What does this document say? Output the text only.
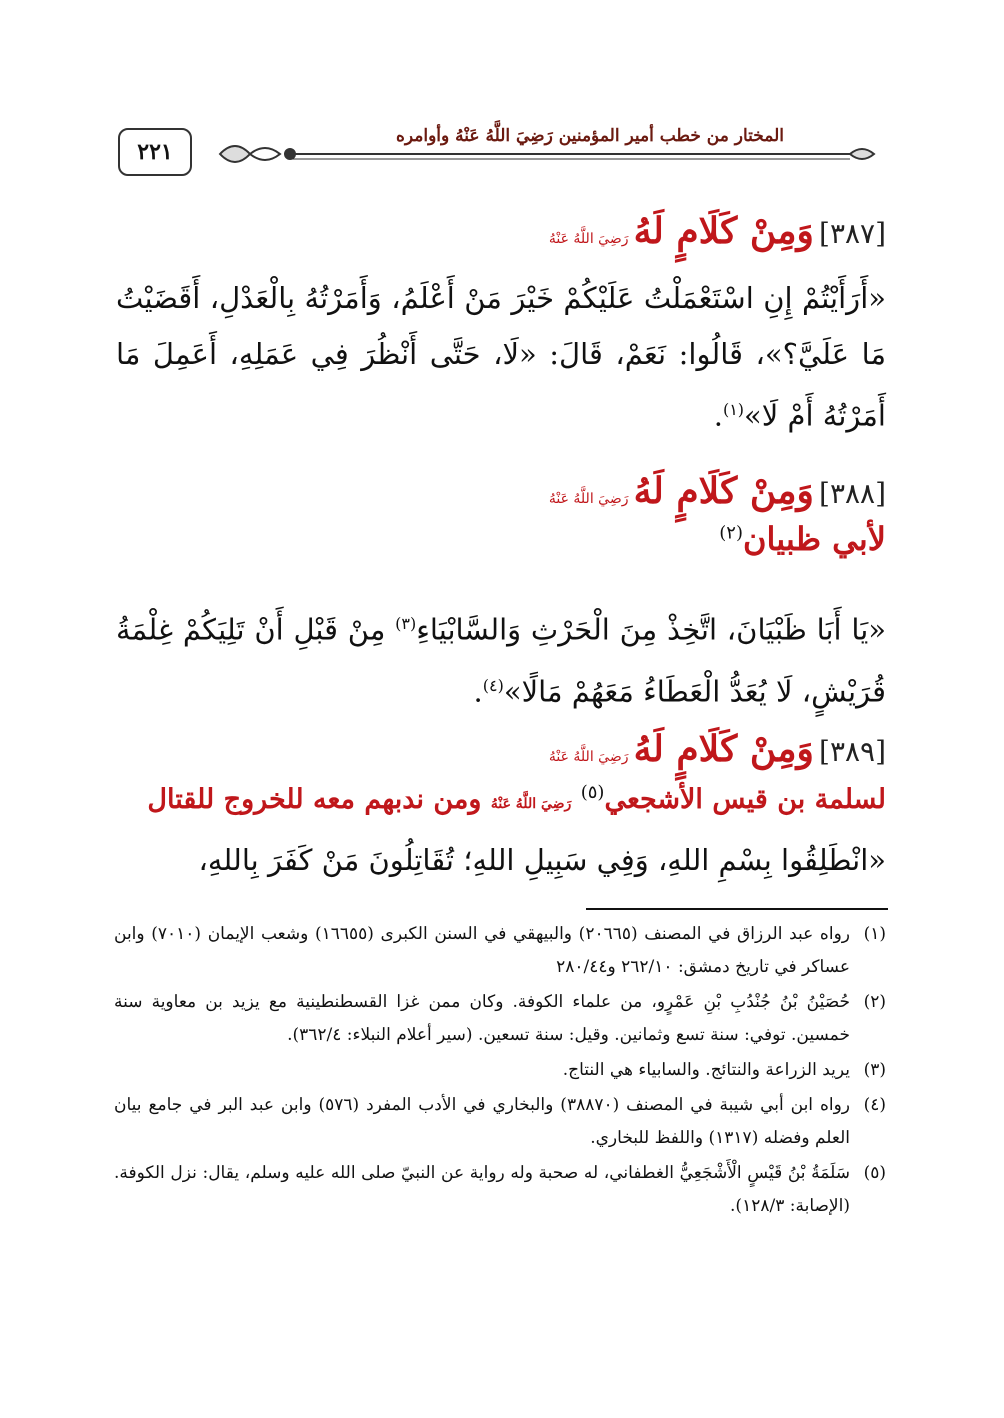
٢٢١
المختار من خطب أمير المؤمنين رَضِيَ اللَّهُ عَنْهُ وأوامره
[٣٨٧] وَمِنْ كَلَامٍ لَهُ رَضِيَ اللَّهُ عَنْهُ
«أَرَأَيْتُمْ إِنِ اسْتَعْمَلْتُ عَلَيْكُمْ خَيْرَ مَنْ أَعْلَمُ، وَأَمَرْتُهُ بِالْعَدْلِ، أَقَضَيْتُ مَا عَلَيَّ؟»، قَالُوا: نَعَمْ، قَالَ: «لَا، حَتَّى أَنْظُرَ فِي عَمَلِهِ، أَعَمِلَ مَا أَمَرْتُهُ أَمْ لَا»$^{(١)}$.
[٣٨٨] وَمِنْ كَلَامٍ لَهُ رَضِيَ اللَّهُ عَنْهُ
لأبي ظبيان$^{(٢)}$
«يَا أَبَا ظَبْيَانَ، اتَّخِذْ مِنَ الْحَرْثِ وَالسَّابْيَاءِ$^{(٣)}$ مِنْ قَبْلِ أَنْ تَلِيَكُمْ غِلْمَةُ قُرَيْشٍ، لَا يُعَدُّ الْعَطَاءُ مَعَهُمْ مَالًا»$^{(٤)}$.
[٣٨٩] وَمِنْ كَلَامٍ لَهُ رَضِيَ اللَّهُ عَنْهُ
لسلمة بن قيس الأشجعي$^{(٥)}$ رَضِيَ اللَّهُ عَنْهُ ومن ندبهم معه للخروج للقتال
«انْطَلِقُوا بِسْمِ اللهِ، وَفِي سَبِيلِ اللهِ؛ تُقَاتِلُونَ مَنْ كَفَرَ بِاللهِ،
(١)
رواه عبد الرزاق في المصنف (٢٠٦٦٥) والبيهقي في السنن الكبرى (١٦٦٥٥) وشعب الإيمان (٧٠١٠) وابن عساكر في تاريخ دمشق: ٢٦٢/١٠ و٢٨٠/٤٤
(٢)
حُصَيْنُ بْنُ جُنْدُبِ بْنِ عَمْرٍو، من علماء الكوفة. وكان ممن غزا القسطنطينية مع يزيد بن معاوية سنة خمسين. توفي: سنة تسع وثمانين. وقيل: سنة تسعين. (سير أعلام النبلاء: ٣٦٢/٤).
(٣)
يريد الزراعة والنتائج. والسابياء هي النتاج.
(٤)
رواه ابن أبي شيبة في المصنف (٣٨٨٧٠) والبخاري في الأدب المفرد (٥٧٦) وابن عبد البر في جامع بيان العلم وفضله (١٣١٧) واللفظ للبخاري.
(٥)
سَلَمَةُ بْنُ قَيْسٍ الْأَشْجَعِيُّ الغطفاني، له صحبة وله رواية عن النبيّ صلى الله عليه وسلم، يقال: نزل الكوفة. (الإصابة: ١٢٨/٣).
